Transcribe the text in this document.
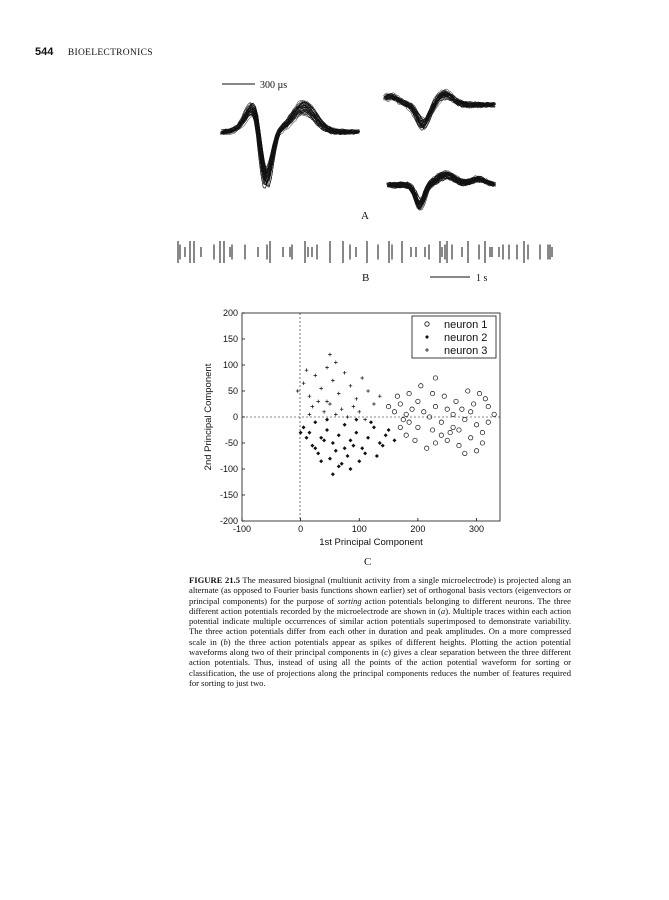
544 BIOELECTRONICS
300 µs
A
B	1 s
200
150
100
50
0
-50
-100
-150
-200
-100	0	100	200	300
neuron 1
neuron 2
neuron 3
1st Principal Component
2nd Principal Component
C
FIGURE 21.5 The measured biosignal (multiunit activity from a single microelectrode) is projected along an alternate (as opposed to Fourier basis functions shown earlier) set of orthogonal basis vectors (eigenvectors or principal components) for the purpose of sorting action potentials belonging to different neurons. The three different action potentials recorded by the microelectrode are shown in (a). Multiple traces within each action potential indicate multiple occurrences of similar action potentials superimposed to demonstrate variability. The three action potentials differ from each other in duration and peak amplitudes. On a more compressed scale in (b) the three action potentials appear as spikes of different heights. Plotting the action potential waveforms along two of their principal components in (c) gives a clear separation between the three different action potentials. Thus, instead of using all the points of the action potential waveform for sorting or classification, the use of projections along the principal components reduces the number of features required for sorting to just two.
